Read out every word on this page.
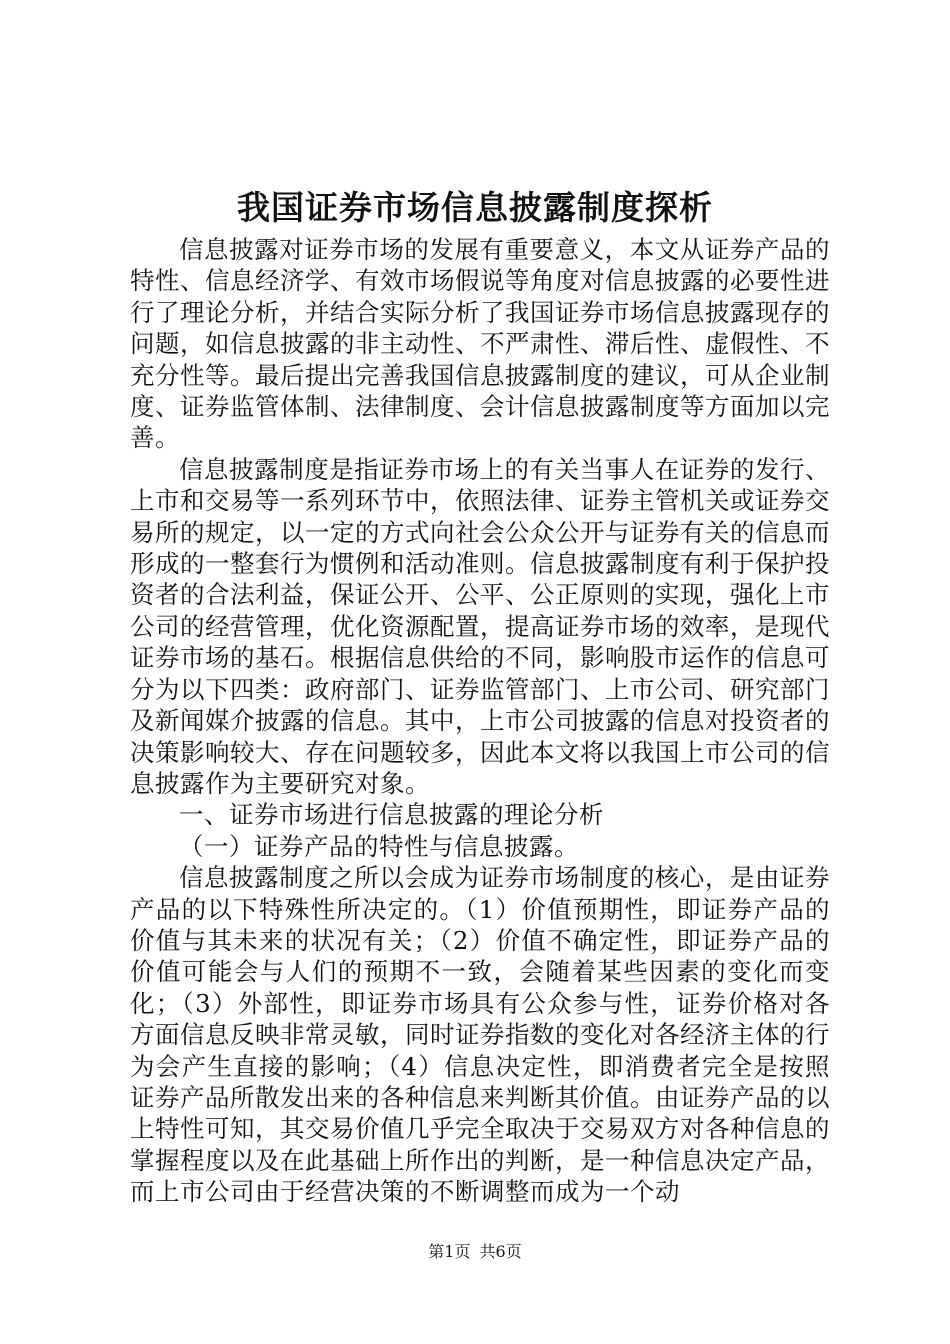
我国证券市场信息披露制度探析

信息披露对证券市场的发展有重要意义，本文从证券产品的特性、信息经济学、有效市场假说等角度对信息披露的必要性进行了理论分析，并结合实际分析了我国证券市场信息披露现存的问题，如信息披露的非主动性、不严肃性、滞后性、虚假性、不充分性等。最后提出完善我国信息披露制度的建议，可从企业制度、证券监管体制、法律制度、会计信息披露制度等方面加以完善。

信息披露制度是指证券市场上的有关当事人在证券的发行、上市和交易等一系列环节中，依照法律、证券主管机关或证券交易所的规定，以一定的方式向社会公众公开与证券有关的信息而形成的一整套行为惯例和活动准则。信息披露制度有利于保护投资者的合法利益，保证公开、公平、公正原则的实现，强化上市公司的经营管理，优化资源配置，提高证券市场的效率，是现代证券市场的基石。根据信息供给的不同，影响股市运作的信息可分为以下四类：政府部门、证券监管部门、上市公司、研究部门及新闻媒介披露的信息。其中，上市公司披露的信息对投资者的决策影响较大、存在问题较多，因此本文将以我国上市公司的信息披露作为主要研究对象。

一、证券市场进行信息披露的理论分析

（一）证券产品的特性与信息披露。

信息披露制度之所以会成为证券市场制度的核心，是由证券产品的以下特殊性所决定的。（1）价值预期性，即证券产品的价值与其未来的状况有关；（2）价值不确定性，即证券产品的价值可能会与人们的预期不一致，会随着某些因素的变化而变化；（3）外部性，即证券市场具有公众参与性，证券价格对各方面信息反映非常灵敏，同时证券指数的变化对各经济主体的行为会产生直接的影响；（4）信息决定性，即消费者完全是按照证券产品所散发出来的各种信息来判断其价值。由证券产品的以上特性可知，其交易价值几乎完全取决于交易双方对各种信息的掌握程度以及在此基础上所作出的判断，是一种信息决定产品，而上市公司由于经营决策的不断调整而成为一个动

第1页 共6页
